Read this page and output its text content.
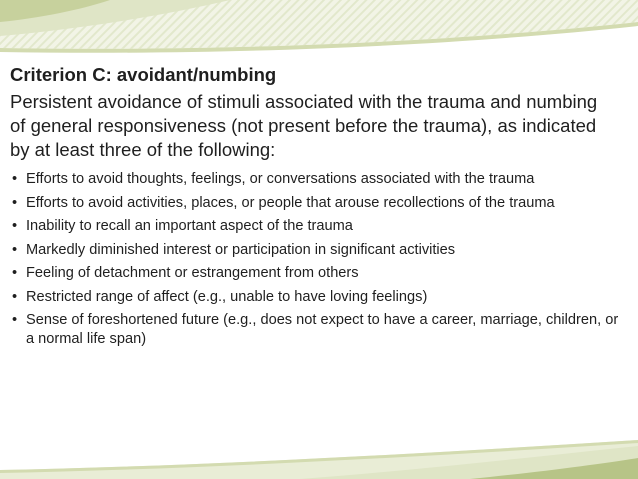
Criterion C: avoidant/numbing
Persistent avoidance of stimuli associated with the trauma and numbing of general responsiveness (not present before the trauma), as indicated by at least three of the following:
• Efforts to avoid thoughts, feelings, or conversations associated with the trauma
• Efforts to avoid activities, places, or people that arouse recollections of the trauma
• Inability to recall an important aspect of the trauma
• Markedly diminished interest or participation in significant activities
• Feeling of detachment or estrangement from others
• Restricted range of affect (e.g., unable to have loving feelings)
• Sense of foreshortened future (e.g., does not expect to have a career, marriage, children, or a normal life span)
